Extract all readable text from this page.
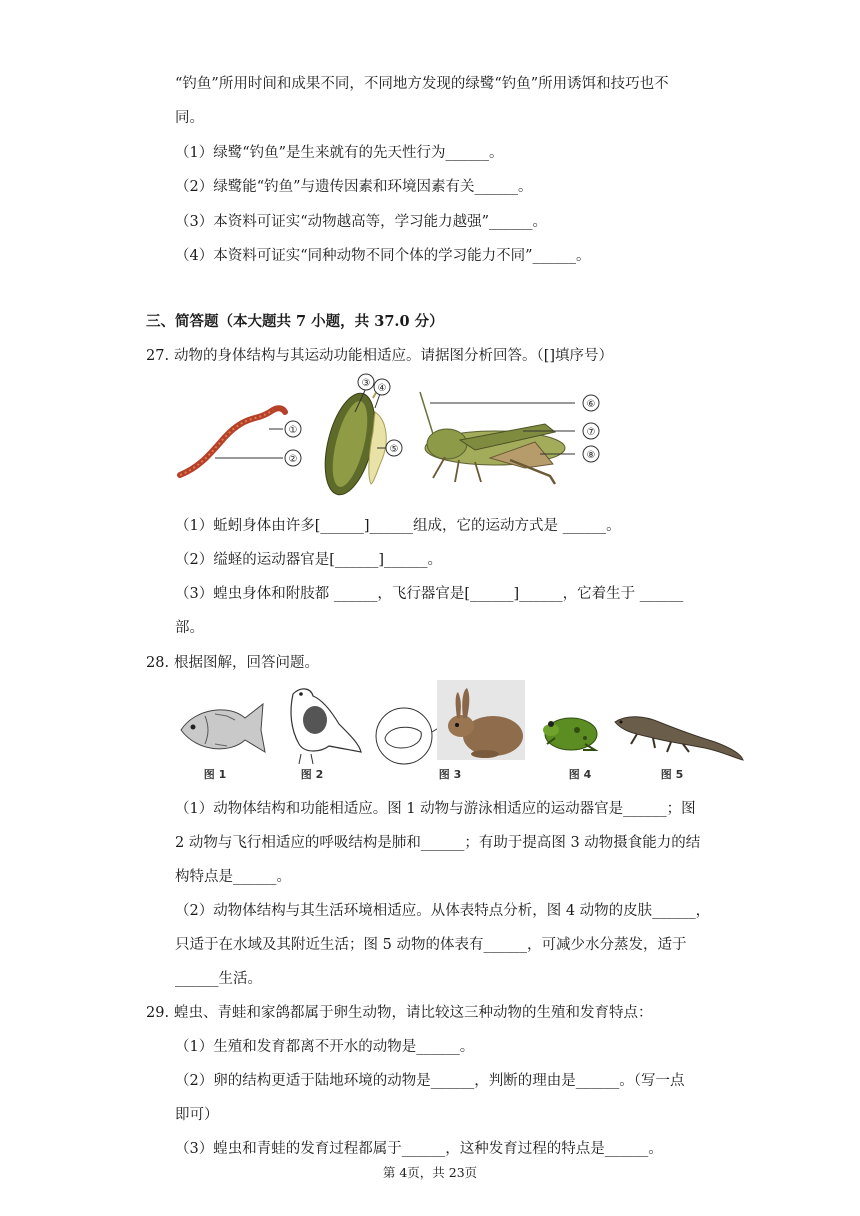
“钓鱼”所用时间和成果不同，不同地方发现的绿鹭“钓鱼”所用诱饵和技巧也不
同。
（1）绿鹭“钓鱼”是生来就有的先天性行为______。
（2）绿鹭能“钓鱼”与遗传因素和环境因素有关______。
（3）本资料可证实“动物越高等，学习能力越强”______。
（4）本资料可证实“同种动物不同个体的学习能力不同”______。
三、简答题（本大题共 7 小题，共 37.0 分）
27. 动物的身体结构与其运动功能相适应。请据图分析回答。（[]填序号）
①
②
③ ④
⑤
⑥
⑦
⑧
（1）蚯蚓身体由许多[______]______组成，它的运动方式是 ______。
（2）缢蛏的运动器官是[______]______。
（3）蝗虫身体和附肢都 ______，飞行器官是[______]______，它着生于 ______
部。
28. 根据图解，回答问题。
图 1	图 2	图 3	图 4	图 5
（1）动物体结构和功能相适应。图 1 动物与游泳相适应的运动器官是______；图
2 动物与飞行相适应的呼吸结构是肺和______；有助于提高图 3 动物摄食能力的结
构特点是______。
（2）动物体结构与其生活环境相适应。从体表特点分析，图 4 动物的皮肤______，
只适于在水域及其附近生活；图 5 动物的体表有______，可减少水分蒸发，适于
______生活。
29. 蝗虫、青蛙和家鸽都属于卵生动物，请比较这三种动物的生殖和发育特点：
（1）生殖和发育都离不开水的动物是______。
（2）卵的结构更适于陆地环境的动物是______，判断的理由是______。（写一点
即可）
（3）蝗虫和青蛙的发育过程都属于______，这种发育过程的特点是______。
第 4页，共 23页
